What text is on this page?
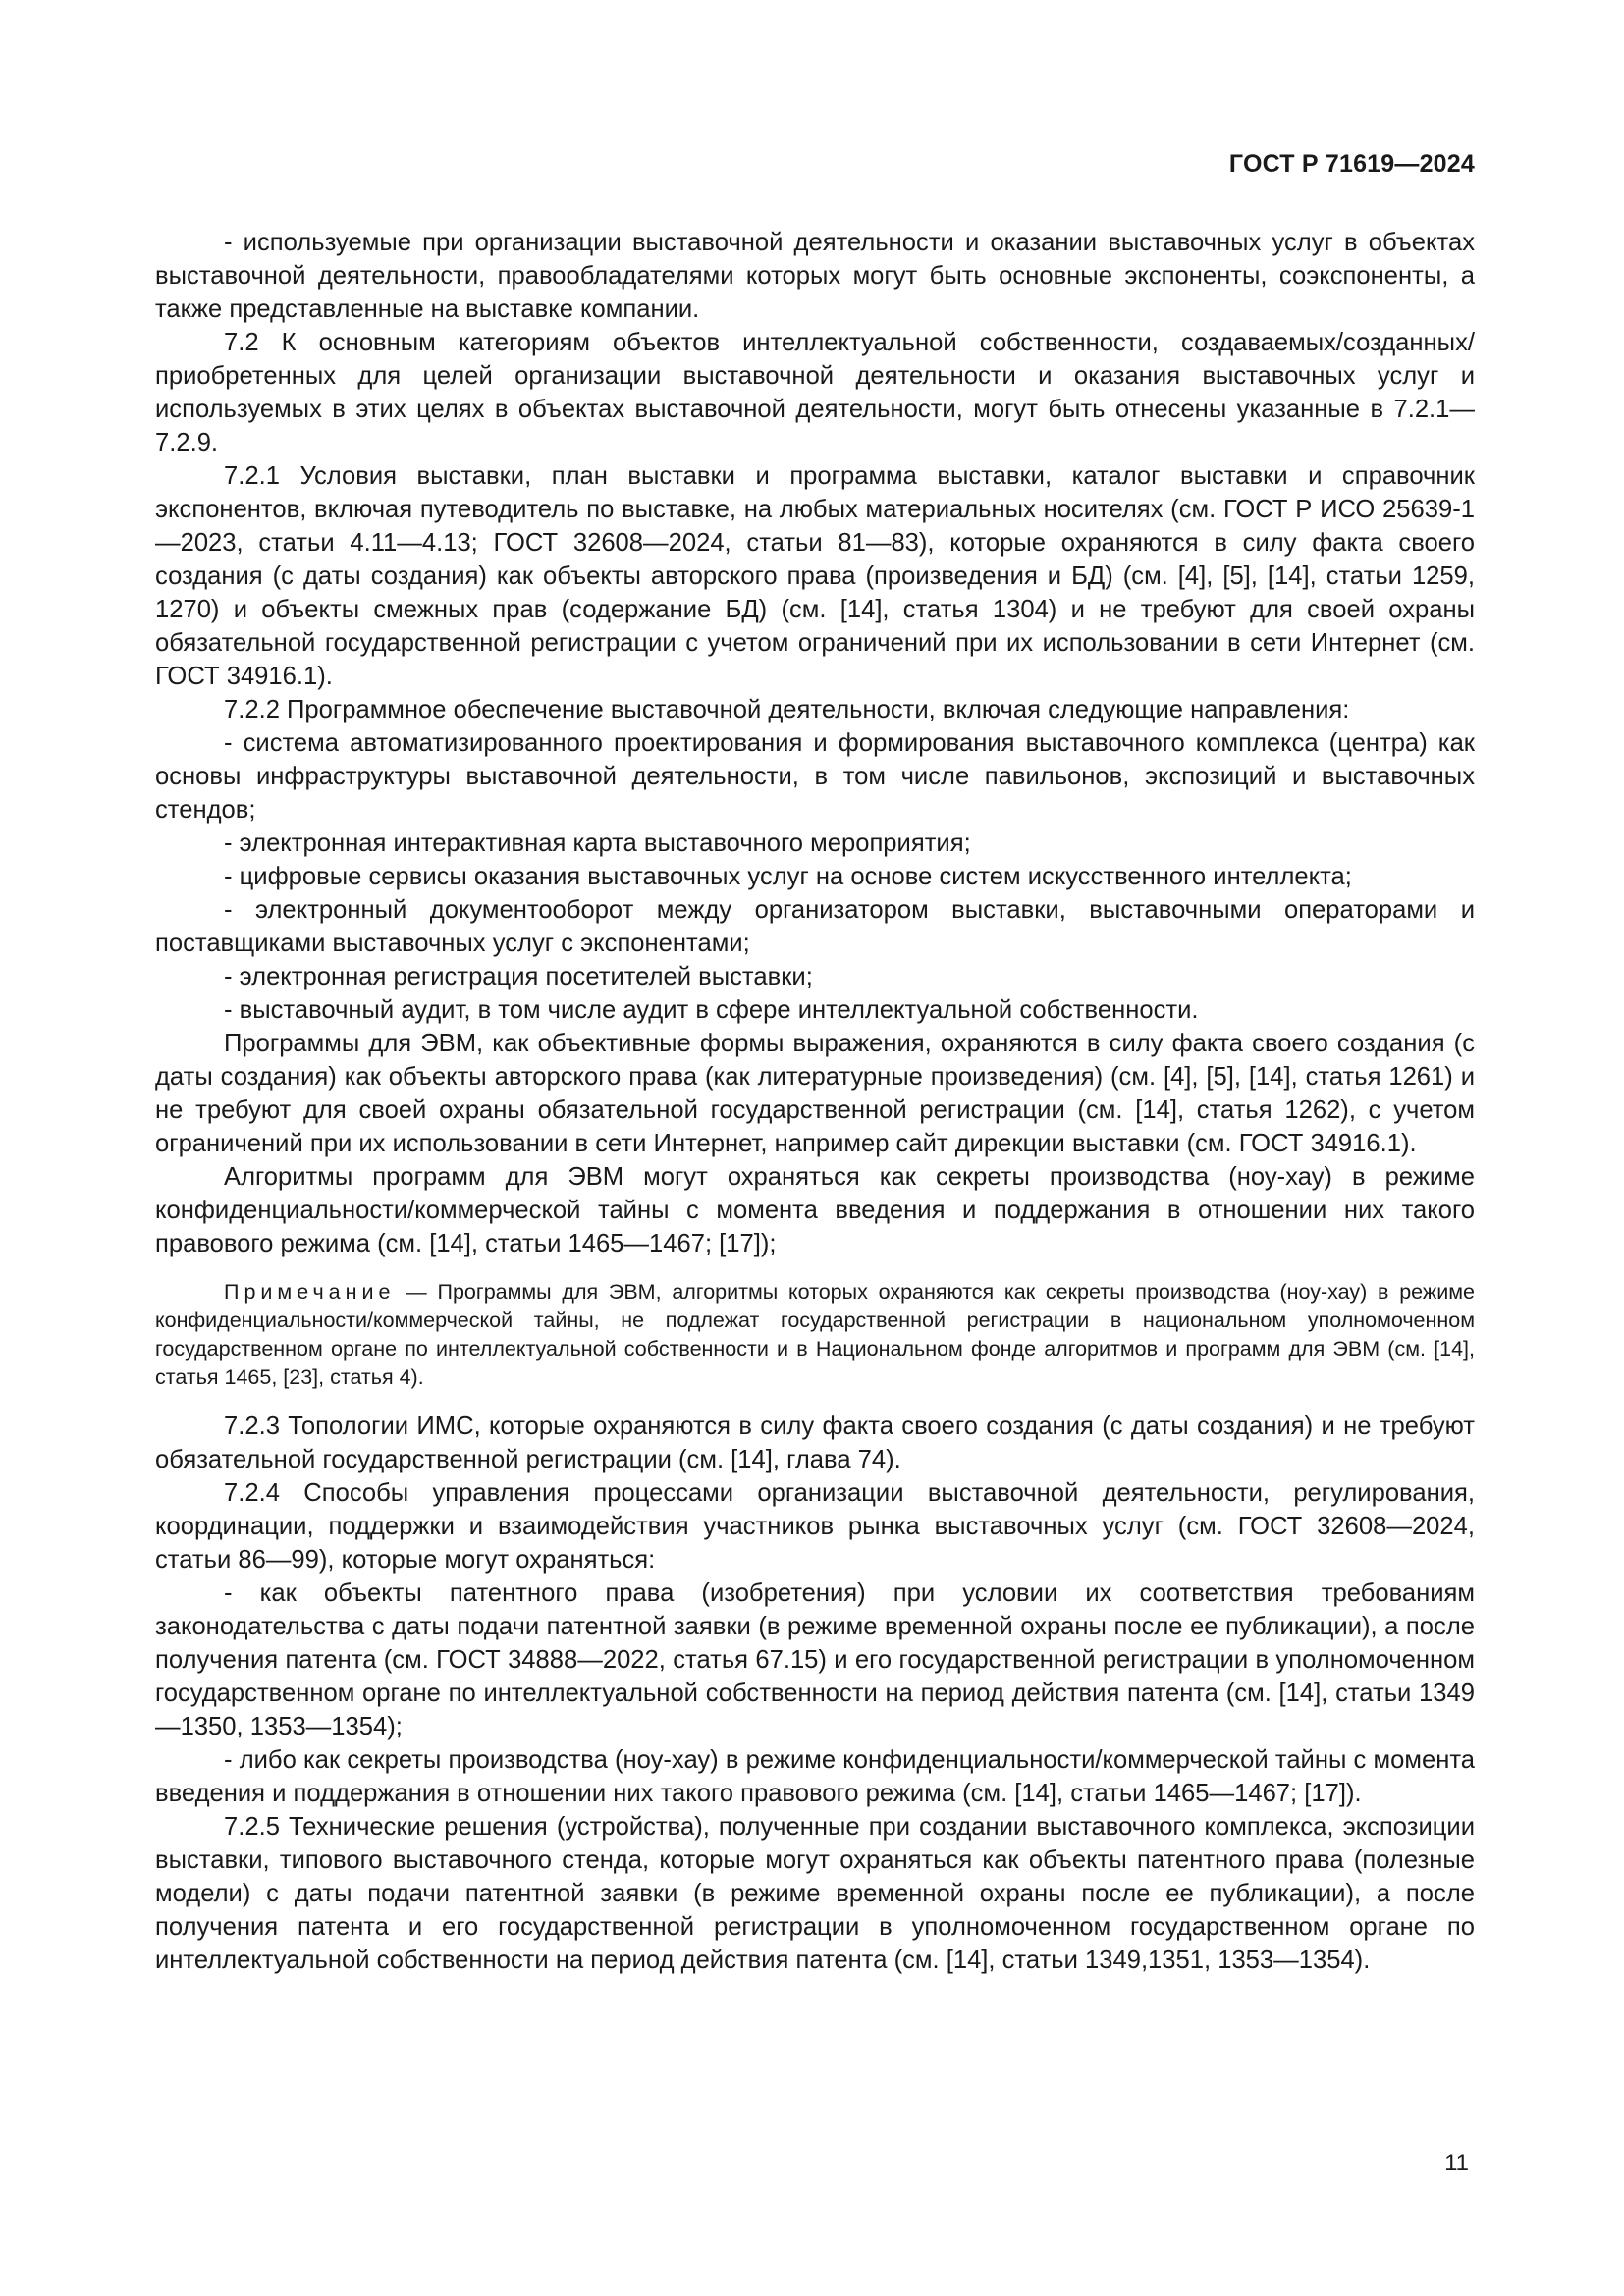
ГОСТ Р 71619—2024

- используемые при организации выставочной деятельности и оказании выставочных услуг в объектах выставочной деятельности, правообладателями которых могут быть основные экспоненты, соэкспоненты, а также представленные на выставке компании.

7.2 К основным категориям объектов интеллектуальной собственности, создаваемых/созданных/ приобретенных для целей организации выставочной деятельности и оказания выставочных услуг и используемых в этих целях в объектах выставочной деятельности, могут быть отнесены указанные в 7.2.1—7.2.9.

7.2.1 Условия выставки, план выставки и программа выставки, каталог выставки и справочник экспонентов, включая путеводитель по выставке, на любых материальных носителях (см. ГОСТ Р ИСО 25639-1—2023, статьи 4.11—4.13; ГОСТ 32608—2024, статьи 81—83), которые охраняются в силу факта своего создания (с даты создания) как объекты авторского права (произведения и БД) (см. [4], [5], [14], статьи 1259, 1270) и объекты смежных прав (содержание БД) (см. [14], статья 1304) и не требуют для своей охраны обязательной государственной регистрации с учетом ограничений при их использовании в сети Интернет (см. ГОСТ 34916.1).

7.2.2 Программное обеспечение выставочной деятельности, включая следующие направления:

- система автоматизированного проектирования и формирования выставочного комплекса (центра) как основы инфраструктуры выставочной деятельности, в том числе павильонов, экспозиций и выставочных стендов;

- электронная интерактивная карта выставочного мероприятия;

- цифровые сервисы оказания выставочных услуг на основе систем искусственного интеллекта;

- электронный документооборот между организатором выставки, выставочными операторами и поставщиками выставочных услуг с экспонентами;

- электронная регистрация посетителей выставки;

- выставочный аудит, в том числе аудит в сфере интеллектуальной собственности.

Программы для ЭВМ, как объективные формы выражения, охраняются в силу факта своего создания (с даты создания) как объекты авторского права (как литературные произведения) (см. [4], [5], [14], статья 1261) и не требуют для своей охраны обязательной государственной регистрации (см. [14], статья 1262), с учетом ограничений при их использовании в сети Интернет, например сайт дирекции выставки (см. ГОСТ 34916.1).

Алгоритмы программ для ЭВМ могут охраняться как секреты производства (ноу-хау) в режиме конфиденциальности/коммерческой тайны с момента введения и поддержания в отношении них такого правового режима (см. [14], статьи 1465—1467; [17]);

Примечание — Программы для ЭВМ, алгоритмы которых охраняются как секреты производства (ноу-хау) в режиме конфиденциальности/коммерческой тайны, не подлежат государственной регистрации в национальном уполномоченном государственном органе по интеллектуальной собственности и в Национальном фонде алгоритмов и программ для ЭВМ (см. [14], статья 1465, [23], статья 4).

7.2.3 Топологии ИМС, которые охраняются в силу факта своего создания (с даты создания) и не требуют обязательной государственной регистрации (см. [14], глава 74).

7.2.4 Способы управления процессами организации выставочной деятельности, регулирования, координации, поддержки и взаимодействия участников рынка выставочных услуг (см. ГОСТ 32608—2024, статьи 86—99), которые могут охраняться:

- как объекты патентного права (изобретения) при условии их соответствия требованиям законодательства с даты подачи патентной заявки (в режиме временной охраны после ее публикации), а после получения патента (см. ГОСТ 34888—2022, статья 67.15) и его государственной регистрации в уполномоченном государственном органе по интеллектуальной собственности на период действия патента (см. [14], статьи 1349—1350, 1353—1354);

- либо как секреты производства (ноу-хау) в режиме конфиденциальности/коммерческой тайны с момента введения и поддержания в отношении них такого правового режима (см. [14], статьи 1465—1467; [17]).

7.2.5 Технические решения (устройства), полученные при создании выставочного комплекса, экспозиции выставки, типового выставочного стенда, которые могут охраняться как объекты патентного права (полезные модели) с даты подачи патентной заявки (в режиме временной охраны после ее публикации), а после получения патента и его государственной регистрации в уполномоченном государственном органе по интеллектуальной собственности на период действия патента (см. [14], статьи 1349,1351, 1353—1354).

11
